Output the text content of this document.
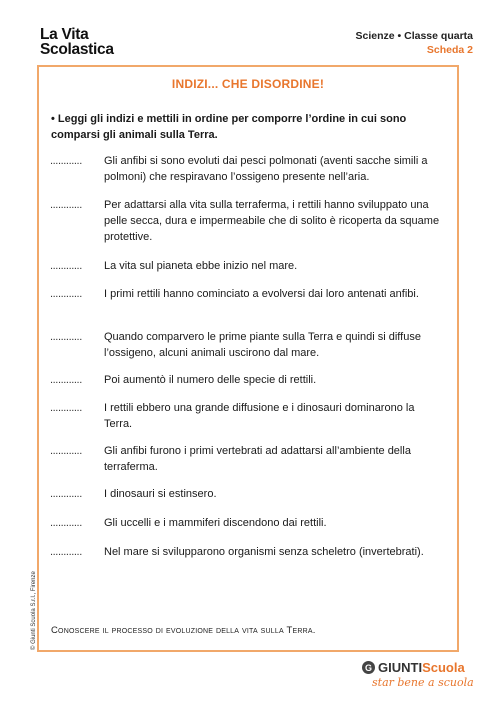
La Vita
Scolastica
Scienze • Classe quarta
Scheda 2
INDIZI... CHE DISORDINE!
• Leggi gli indizi e mettili in ordine per comporre l’ordine in cui sono comparsi gli animali sulla Terra.
............ Gli anfibi si sono evoluti dai pesci polmonati (aventi sacche simili a polmoni) che respiravano l’ossigeno presente nell’aria.
............ Per adattarsi alla vita sulla terraferma, i rettili hanno sviluppato una pelle secca, dura e impermeabile che di solito è ricoperta da squame protettive.
............ La vita sul pianeta ebbe inizio nel mare.
............ I primi rettili hanno cominciato a evolversi dai loro antenati anfibi.
............ Quando comparvero le prime piante sulla Terra e quindi si diffuse l’ossigeno, alcuni animali uscirono dal mare.
............ Poi aumentò il numero delle specie di rettili.
............ I rettili ebbero una grande diffusione e i dinosauri dominarono la Terra.
............ Gli anfibi furono i primi vertebrati ad adattarsi all’ambiente della terraferma.
............ I dinosauri si estinsero.
............ Gli uccelli e i mammiferi discendono dai rettili.
............ Nel mare si svilupparono organismi senza scheletro (invertebrati).
Conoscere il processo di evoluzione della vita sulla Terra.
© Giunti Scuola S.r.l., Firenze
G GIUNTI Scuola
star bene a scuola
